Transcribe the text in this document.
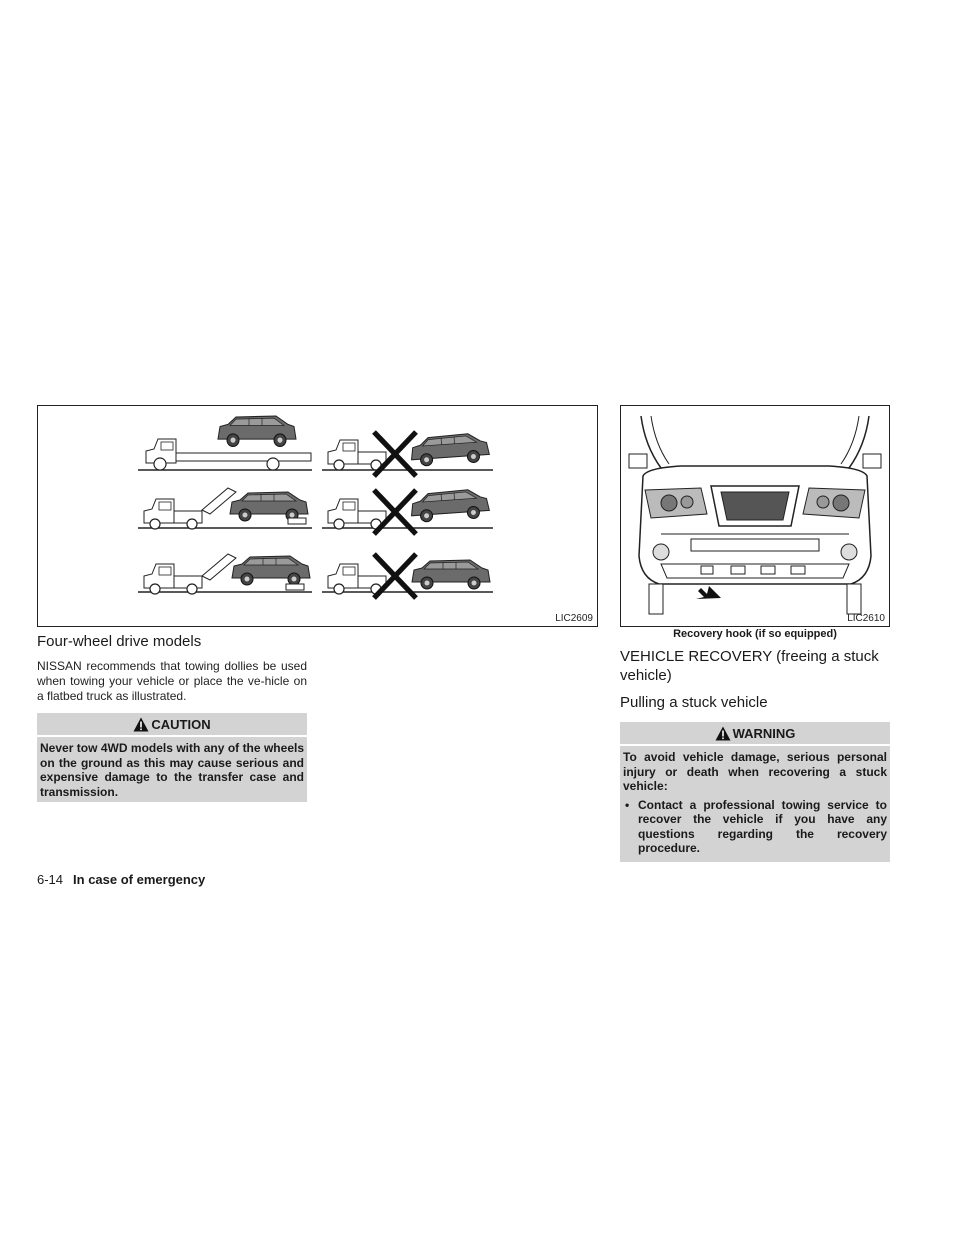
LIC2609	LIC2610
Recovery hook (if so equipped)
Four-wheel drive models

NISSAN recommends that towing dollies be used when towing your vehicle or place the ve-hicle on a flatbed truck as illustrated.

CAUTION
Never tow 4WD models with any of the wheels on the ground as this may cause serious and expensive damage to the transfer case and transmission.
VEHICLE RECOVERY (freeing a stuck vehicle)
Pulling a stuck vehicle
WARNING
To avoid vehicle damage, serious personal injury or death when recovering a stuck vehicle:
• Contact a professional towing service to recover the vehicle if you have any questions regarding the recovery procedure.
6-14 In case of emergency
